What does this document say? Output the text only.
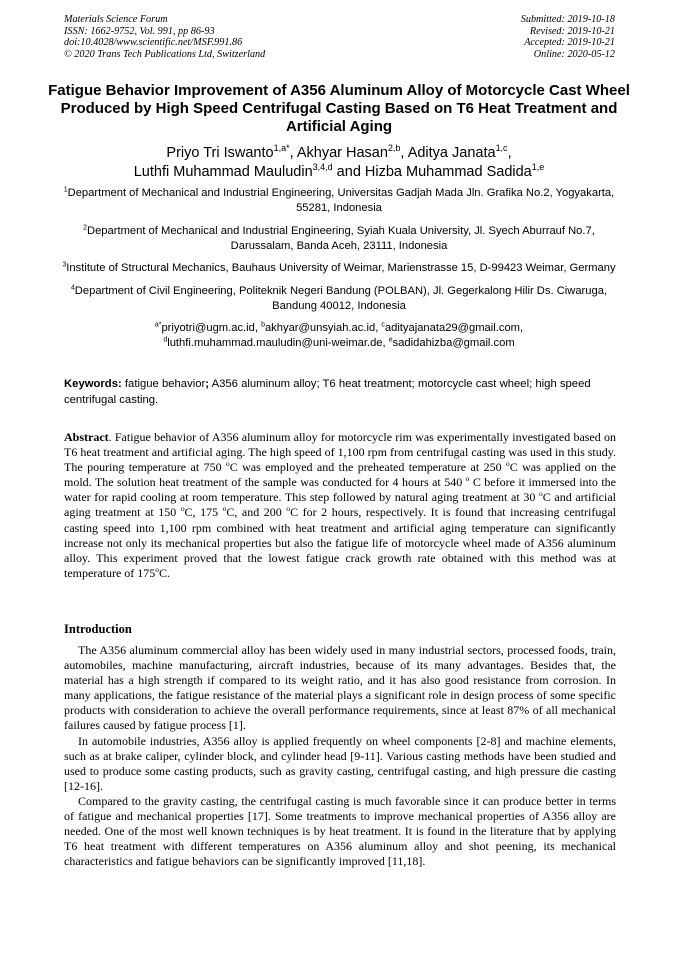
Materials Science Forum
ISSN: 1662-9752, Vol. 991, pp 86-93
doi:10.4028/www.scientific.net/MSF.991.86
© 2020 Trans Tech Publications Ltd, Switzerland
Submitted: 2019-10-18
Revised: 2019-10-21
Accepted: 2019-10-21
Online: 2020-05-12
Fatigue Behavior Improvement of A356 Aluminum Alloy of Motorcycle Cast Wheel Produced by High Speed Centrifugal Casting Based on T6 Heat Treatment and Artificial Aging
Priyo Tri Iswanto$^{1,a*}$, Akhyar Hasan$^{2,b}$, Aditya Janata$^{1,c}$,
Luthfi Muhammad Mauludin$^{3,4,d}$ and Hizba Muhammad Sadida$^{1,e}$
$^1$Department of Mechanical and Industrial Engineering, Universitas Gadjah Mada Jln. Grafika No.2, Yogyakarta, 55281, Indonesia
$^2$Department of Mechanical and Industrial Engineering, Syiah Kuala University, Jl. Syech Aburrauf No.7, Darussalam, Banda Aceh, 23111, Indonesia
$^3$Institute of Structural Mechanics, Bauhaus University of Weimar, Marienstrasse 15, D-99423 Weimar, Germany
$^4$Department of Civil Engineering, Politeknik Negeri Bandung (POLBAN), Jl. Gegerkalong Hilir Ds. Ciwaruga, Bandung 40012, Indonesia
$^{a*}$priyotri@ugm.ac.id, $^b$akhyar@unsyiah.ac.id, $^c$adityajanata29@gmail.com,
$^d$luthfi.muhammad.mauludin@uni-weimar.de, $^e$sadidahizba@gmail.com
Keywords: fatigue behavior; A356 aluminum alloy; T6 heat treatment; motorcycle cast wheel; high speed centrifugal casting.
Abstract. Fatigue behavior of A356 aluminum alloy for motorcycle rim was experimentally investigated based on T6 heat treatment and artificial aging. The high speed of 1,100 rpm from centrifugal casting was used in this study. The pouring temperature at 750 $^o$C was employed and the preheated temperature at 250 $^o$C was applied on the mold. The solution heat treatment of the sample was conducted for 4 hours at 540 $^o$ C before it immersed into the water for rapid cooling at room temperature. This step followed by natural aging treatment at 30 $^o$C and artificial aging treatment at 150 $^o$C, 175 $^o$C, and 200 $^o$C for 2 hours, respectively. It is found that increasing centrifugal casting speed into 1,100 rpm combined with heat treatment and artificial aging temperature can significantly increase not only its mechanical properties but also the fatigue life of motorcycle wheel made of A356 aluminum alloy. This experiment proved that the lowest fatigue crack growth rate obtained with this method was at temperature of 175$^o$C.
Introduction

The A356 aluminum commercial alloy has been widely used in many industrial sectors, processed foods, train, automobiles, machine manufacturing, aircraft industries, because of its many advantages. Besides that, the material has a high strength if compared to its weight ratio, and it has also good resistance from corrosion. In many applications, the fatigue resistance of the material plays a significant role in design process of some specific products with consideration to achieve the overall performance requirements, since at least 87% of all mechanical failures caused by fatigue process [1].

In automobile industries, A356 alloy is applied frequently on wheel components [2-8] and machine elements, such as at brake caliper, cylinder block, and cylinder head [9-11]. Various casting methods have been studied and used to produce some casting products, such as gravity casting, centrifugal casting, and high pressure die casting [12-16].

Compared to the gravity casting, the centrifugal casting is much favorable since it can produce better in terms of fatigue and mechanical properties [17]. Some treatments to improve mechanical properties of A356 alloy are needed. One of the most well known techniques is by heat treatment. It is found in the literature that by applying T6 heat treatment with different temperatures on A356 aluminum alloy and shot peening, its mechanical characteristics and fatigue behaviors can be significantly improved [11,18].
